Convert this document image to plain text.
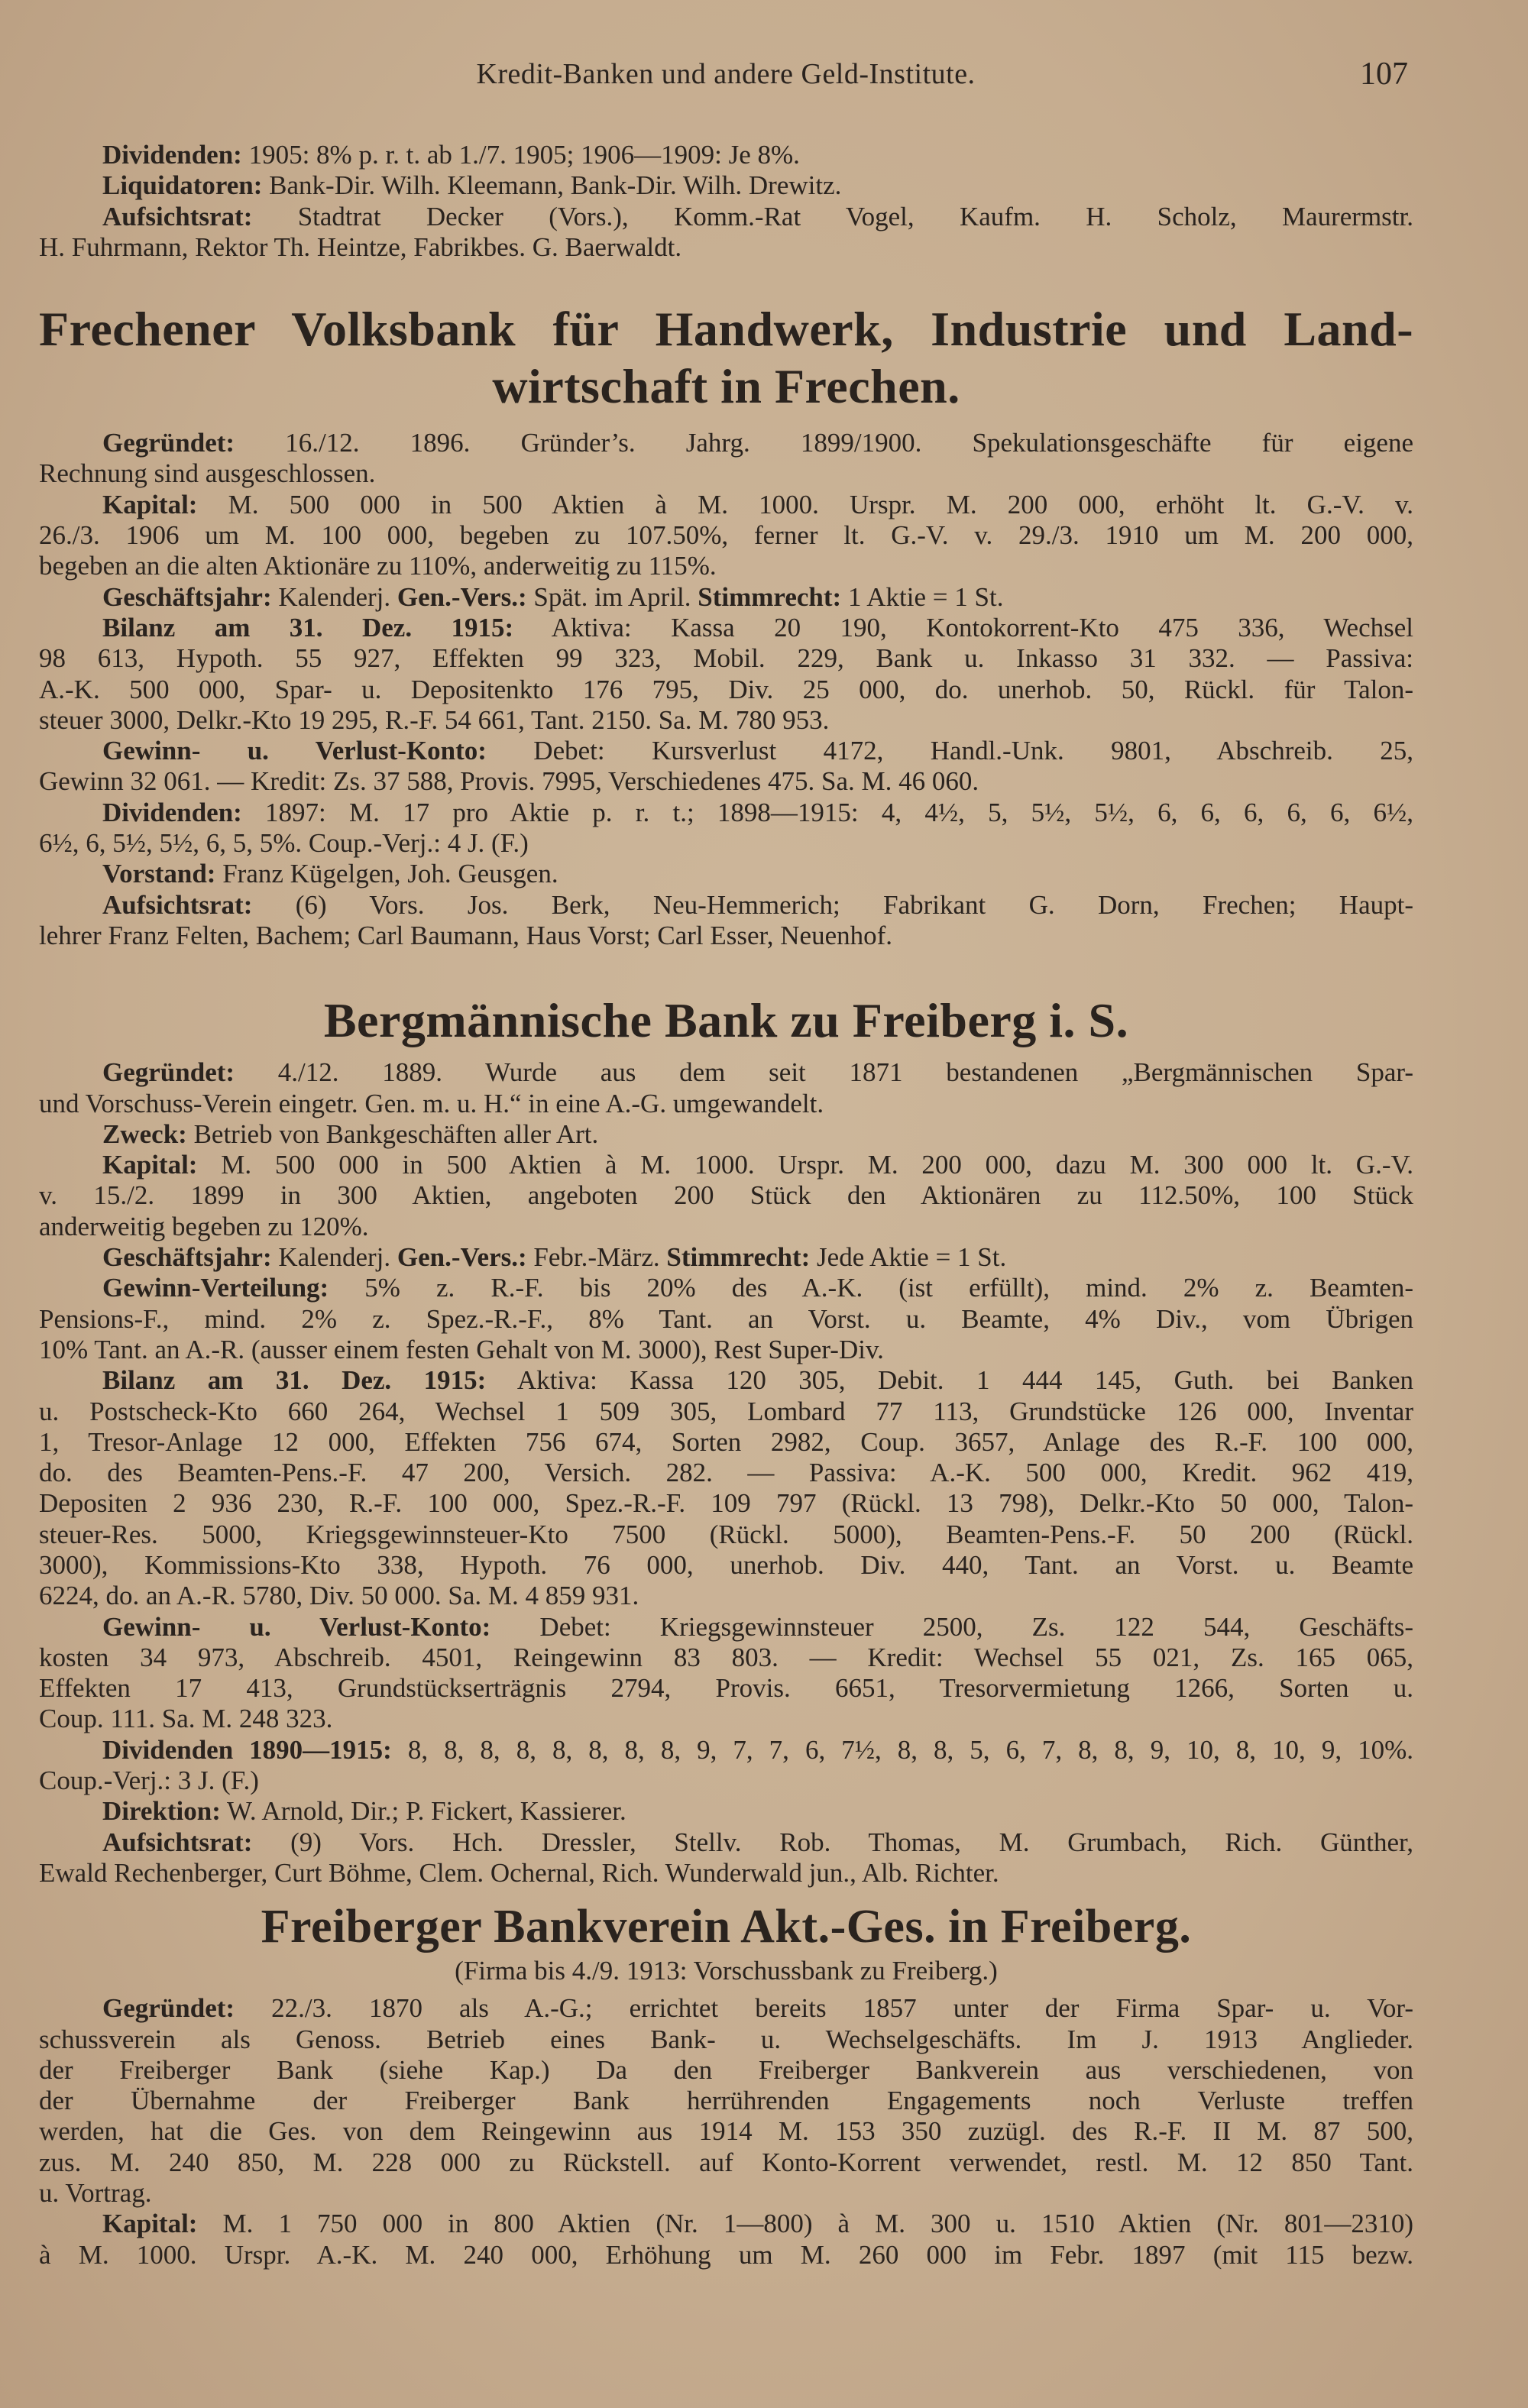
Kredit-Banken und andere Geld-Institute.	107
Dividenden: 1905: 8% p. r. t. ab 1./7. 1905; 1906—1909: Je 8%.
Liquidatoren: Bank-Dir. Wilh. Kleemann, Bank-Dir. Wilh. Drewitz.
Aufsichtsrat: Stadtrat Decker (Vors.), Komm.-Rat Vogel, Kaufm. H. Scholz, Maurermstr.
H. Fuhrmann, Rektor Th. Heintze, Fabrikbes. G. Baerwaldt.
Frechener Volksbank für Handwerk, Industrie und Land-
wirtschaft in Frechen.
Gegründet: 16./12. 1896. Gründer’s. Jahrg. 1899/1900. Spekulationsgeschäfte für eigene
Rechnung sind ausgeschlossen.
Kapital: M. 500 000 in 500 Aktien à M. 1000. Urspr. M. 200 000, erhöht lt. G.-V. v.
26./3. 1906 um M. 100 000, begeben zu 107.50%, ferner lt. G.-V. v. 29./3. 1910 um M. 200 000,
begeben an die alten Aktionäre zu 110%, anderweitig zu 115%.
Geschäftsjahr: Kalenderj. Gen.-Vers.: Spät. im April. Stimmrecht: 1 Aktie = 1 St.
Bilanz am 31. Dez. 1915: Aktiva: Kassa 20 190, Kontokorrent-Kto 475 336, Wechsel
98 613, Hypoth. 55 927, Effekten 99 323, Mobil. 229, Bank u. Inkasso 31 332. — Passiva:
A.-K. 500 000, Spar- u. Depositenkto 176 795, Div. 25 000, do. unerhob. 50, Rückl. für Talon-
steuer 3000, Delkr.-Kto 19 295, R.-F. 54 661, Tant. 2150. Sa. M. 780 953.
Gewinn- u. Verlust-Konto: Debet: Kursverlust 4172, Handl.-Unk. 9801, Abschreib. 25,
Gewinn 32 061. — Kredit: Zs. 37 588, Provis. 7995, Verschiedenes 475. Sa. M. 46 060.
Dividenden: 1897: M. 17 pro Aktie p. r. t.; 1898—1915: 4, 4½, 5, 5½, 5½, 6, 6, 6, 6, 6, 6½,
6½, 6, 5½, 5½, 6, 5, 5%. Coup.-Verj.: 4 J. (F.)
Vorstand: Franz Kügelgen, Joh. Geusgen.
Aufsichtsrat: (6) Vors. Jos. Berk, Neu-Hemmerich; Fabrikant G. Dorn, Frechen; Haupt-
lehrer Franz Felten, Bachem; Carl Baumann, Haus Vorst; Carl Esser, Neuenhof.
Bergmännische Bank zu Freiberg i. S.
Gegründet: 4./12. 1889. Wurde aus dem seit 1871 bestandenen „Bergmännischen Spar-
und Vorschuss-Verein eingetr. Gen. m. u. H.“ in eine A.-G. umgewandelt.
Zweck: Betrieb von Bankgeschäften aller Art.
Kapital: M. 500 000 in 500 Aktien à M. 1000. Urspr. M. 200 000, dazu M. 300 000 lt. G.-V.
v. 15./2. 1899 in 300 Aktien, angeboten 200 Stück den Aktionären zu 112.50%, 100 Stück
anderweitig begeben zu 120%.
Geschäftsjahr: Kalenderj. Gen.-Vers.: Febr.-März. Stimmrecht: Jede Aktie = 1 St.
Gewinn-Verteilung: 5% z. R.-F. bis 20% des A.-K. (ist erfüllt), mind. 2% z. Beamten-
Pensions-F., mind. 2% z. Spez.-R.-F., 8% Tant. an Vorst. u. Beamte, 4% Div., vom Übrigen
10% Tant. an A.-R. (ausser einem festen Gehalt von M. 3000), Rest Super-Div.
Bilanz am 31. Dez. 1915: Aktiva: Kassa 120 305, Debit. 1 444 145, Guth. bei Banken
u. Postscheck-Kto 660 264, Wechsel 1 509 305, Lombard 77 113, Grundstücke 126 000, Inventar
1, Tresor-Anlage 12 000, Effekten 756 674, Sorten 2982, Coup. 3657, Anlage des R.-F. 100 000,
do. des Beamten-Pens.-F. 47 200, Versich. 282. — Passiva: A.-K. 500 000, Kredit. 962 419,
Depositen 2 936 230, R.-F. 100 000, Spez.-R.-F. 109 797 (Rückl. 13 798), Delkr.-Kto 50 000, Talon-
steuer-Res. 5000, Kriegsgewinnsteuer-Kto 7500 (Rückl. 5000), Beamten-Pens.-F. 50 200 (Rückl.
3000), Kommissions-Kto 338, Hypoth. 76 000, unerhob. Div. 440, Tant. an Vorst. u. Beamte
6224, do. an A.-R. 5780, Div. 50 000. Sa. M. 4 859 931.
Gewinn- u. Verlust-Konto: Debet: Kriegsgewinnsteuer 2500, Zs. 122 544, Geschäfts-
kosten 34 973, Abschreib. 4501, Reingewinn 83 803. — Kredit: Wechsel 55 021, Zs. 165 065,
Effekten 17 413, Grundstückserträgnis 2794, Provis. 6651, Tresorvermietung 1266, Sorten u.
Coup. 111. Sa. M. 248 323.
Dividenden 1890—1915: 8, 8, 8, 8, 8, 8, 8, 8, 9, 7, 7, 6, 7½, 8, 8, 5, 6, 7, 8, 8, 9, 10, 8, 10, 9, 10%.
Coup.-Verj.: 3 J. (F.)
Direktion: W. Arnold, Dir.; P. Fickert, Kassierer.
Aufsichtsrat: (9) Vors. Hch. Dressler, Stellv. Rob. Thomas, M. Grumbach, Rich. Günther,
Ewald Rechenberger, Curt Böhme, Clem. Ochernal, Rich. Wunderwald jun., Alb. Richter.
Freiberger Bankverein Akt.-Ges. in Freiberg.
(Firma bis 4./9. 1913: Vorschussbank zu Freiberg.)
Gegründet: 22./3. 1870 als A.-G.; errichtet bereits 1857 unter der Firma Spar- u. Vor-
schussverein als Genoss. Betrieb eines Bank- u. Wechselgeschäfts. Im J. 1913 Anglieder.
der Freiberger Bank (siehe Kap.) Da den Freiberger Bankverein aus verschiedenen, von
der Übernahme der Freiberger Bank herrührenden Engagements noch Verluste treffen
werden, hat die Ges. von dem Reingewinn aus 1914 M. 153 350 zuzügl. des R.-F. II M. 87 500,
zus. M. 240 850, M. 228 000 zu Rückstell. auf Konto-Korrent verwendet, restl. M. 12 850 Tant.
u. Vortrag.
Kapital: M. 1 750 000 in 800 Aktien (Nr. 1—800) à M. 300 u. 1510 Aktien (Nr. 801—2310)
à M. 1000. Urspr. A.-K. M. 240 000, Erhöhung um M. 260 000 im Febr. 1897 (mit 115 bezw.
